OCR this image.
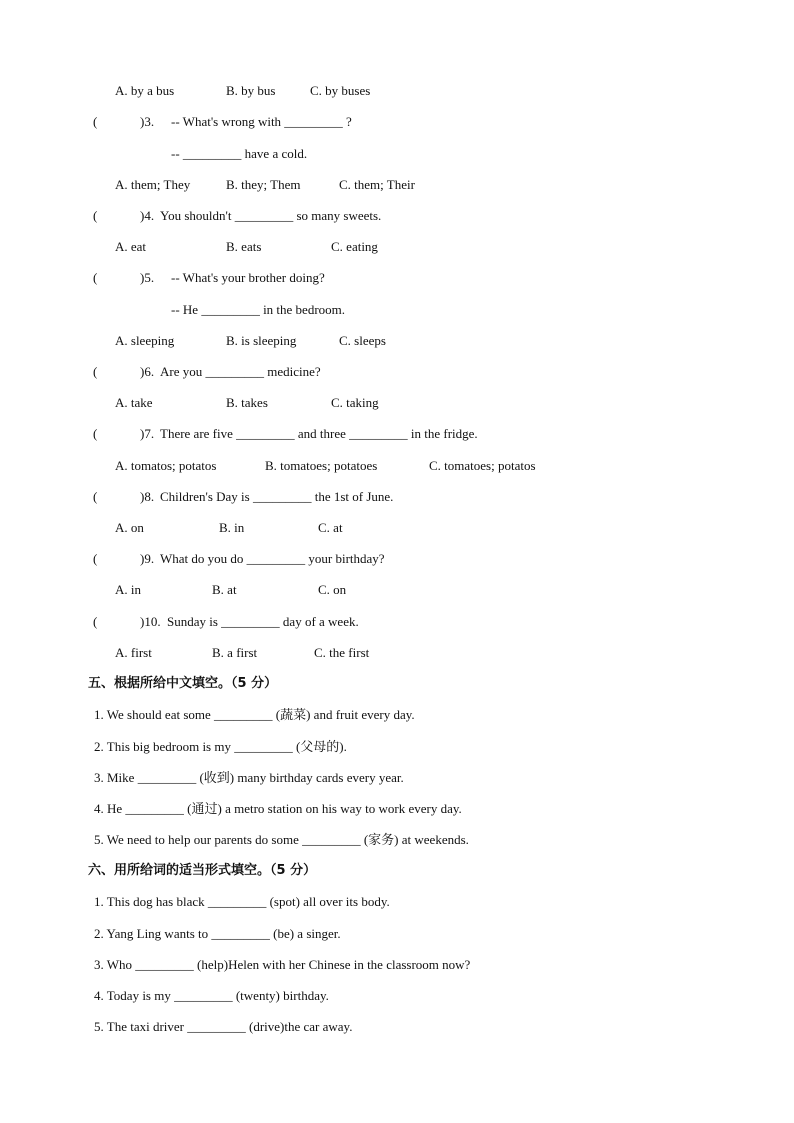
A. by a bus

	B. by bus

	C. by buses

(

	)3.

-- What's wrong with _________ ?

-- _________ have a cold.

A. them; They

	B. they; Them

	C. them; Their

(

	)4.

You shouldn't _________ so many sweets.

A. eat

	B. eats

	C. eating

(

	)5.

-- What's your brother doing?

-- He _________ in the bedroom.

A. sleeping

	B. is sleeping

	C. sleeps

(

	)6.

Are you _________ medicine?

A. take

	B. takes

	C. taking

(

	)7.

There are five _________ and three _________ in the fridge.

A. tomatos; potatos

	B. tomatoes; potatoes

	C. tomatoes; potatos

(

	)8.

Children's Day is _________ the 1st of June.

A. on

	B. in

	C. at

(

	)9.

What do you do _________ your birthday?

A. in

	B. at

	C. on

(

	)10.

Sunday is _________ day of a week.

A. first

	B. a first

	C. the first

五、根据所给中文填空。（5 分）

1. We should eat some _________ (蔬菜) and fruit every day.

2. This big bedroom is my _________ (父母的).

3. Mike _________ (收到) many birthday cards every year.

4. He _________ (通过) a metro station on his way to work every day.

5. We need to help our parents do some _________ (家务) at weekends.

六、用所给词的适当形式填空。（5 分）

1. This dog has black _________ (spot) all over its body.

2. Yang Ling wants to _________ (be) a singer.

3. Who _________ (help)Helen with her Chinese in the classroom now?

4. Today is my _________ (twenty) birthday.

5. The taxi driver _________ (drive)the car away.
